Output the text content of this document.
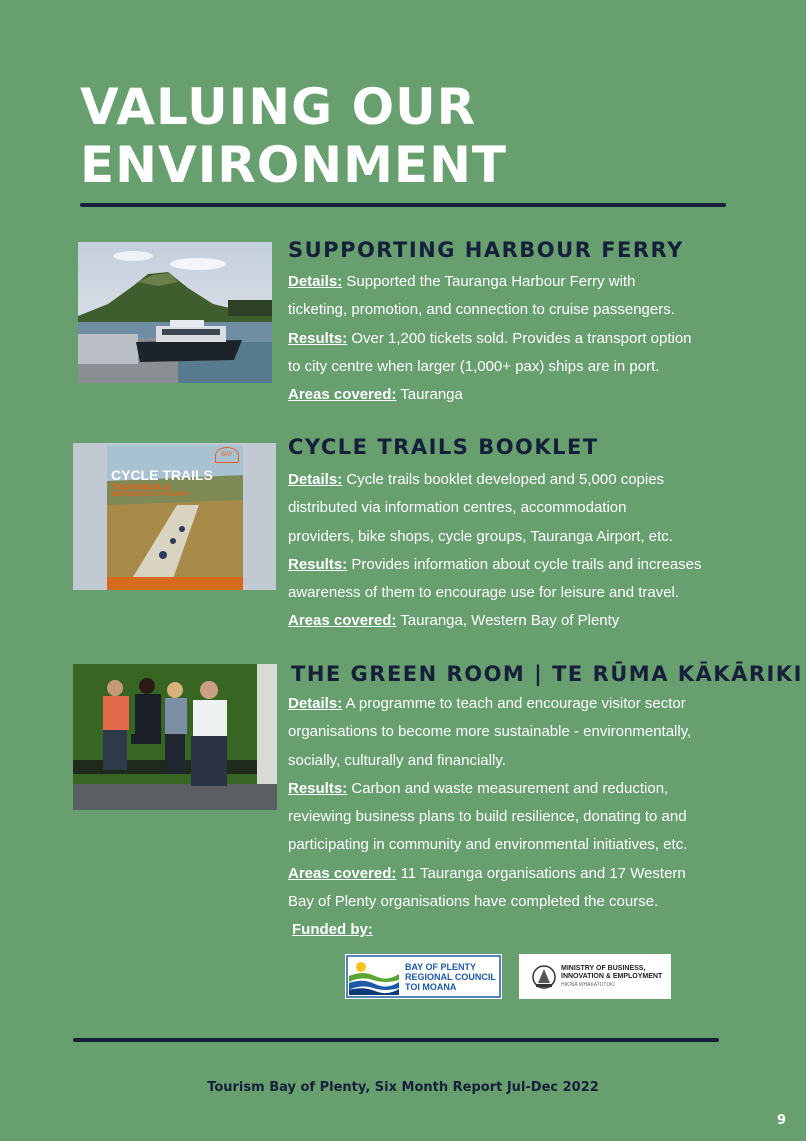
VALUING OUR
ENVIRONMENT
SUPPORTING HARBOUR FERRY
Details: Supported the Tauranga Harbour Ferry with
ticketing, promotion, and connection to cruise passengers.
Results: Over 1,200 tickets sold. Provides a transport option
to city centre when larger (1,000+ pax) ships are in port.
Areas covered: Tauranga
CYCLE TRAILS
TAURANGA &
WESTERN BAY OF PLENTY
BAY	CYCLE TRAILS BOOKLET
Details: Cycle trails booklet developed and 5,000 copies
distributed via information centres, accommodation
providers, bike shops, cycle groups, Tauranga Airport, etc.
Results: Provides information about cycle trails and increases
awareness of them to encourage use for leisure and travel.
Areas covered: Tauranga, Western Bay of Plenty
THE GREEN ROOM | TE RŪMA KĀKĀRIKI
Details: A programme to teach and encourage visitor sector
organisations to become more sustainable - environmentally,
socially, culturally and financially.
Results: Carbon and waste measurement and reduction,
reviewing business plans to build resilience, donating to and
participating in community and environmental initiatives, etc.
Areas covered: 11 Tauranga organisations and 17 Western
Bay of Plenty organisations have completed the course.
Funded by:
BAY OF PLENTY
REGIONAL COUNCIL
TOI MOANA
MINISTRY OF BUSINESS,
INNOVATION & EMPLOYMENT
HIKINA WHAKATUTUKI
Tourism Bay of Plenty, Six Month Report Jul-Dec 2022
9
